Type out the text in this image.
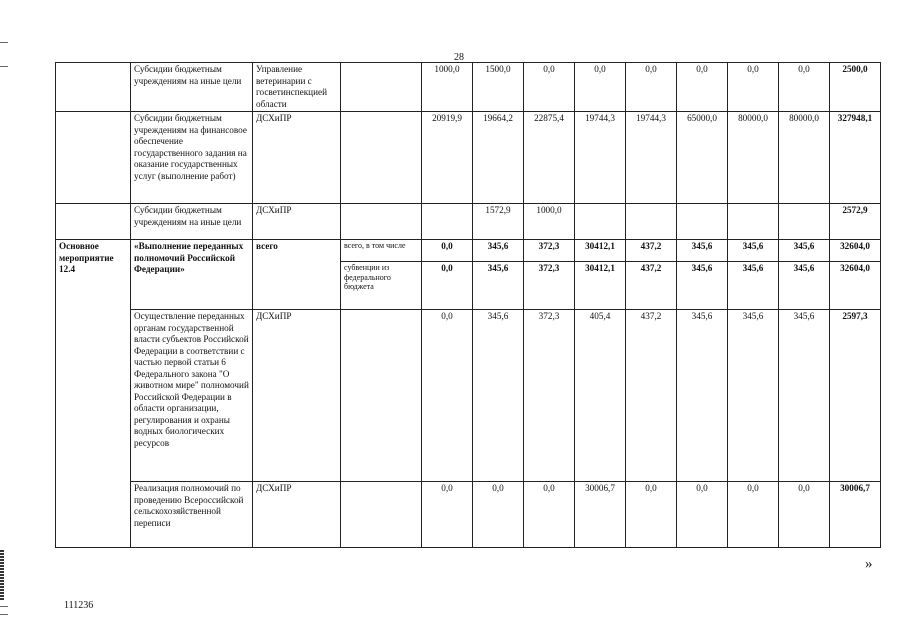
28
	Субсидии бюджетным учреждениям на иные цели	Управление ветеринарии с госветинспекцией области		1000,0	1500,0	0,0	0,0	0,0	0,0	0,0	0,0	2500,0
	Субсидии бюджетным учреждениям на финансовое обеспечение государственного задания на оказание государственных услуг (выполнение работ)	ДСХиПР		20919,9	19664,2	22875,4	19744,3	19744,3	65000,0	80000,0	80000,0	327948,1
	Субсидии бюджетным учреждениям на иные цели	ДСХиПР			1572,9	1000,0						2572,9
Основное мероприятие 12.4	«Выполнение переданных полномочий Российской Федерации»	всего	всего, в том числе	0,0	345,6	372,3	30412,1	437,2	345,6	345,6	345,6	32604,0
			субвенции из федерального бюджета	0,0	345,6	372,3	30412,1	437,2	345,6	345,6	345,6	32604,0
	Осуществление переданных органам государственной власти субъектов Российской Федерации в соответствии с частью первой статьи 6 Федерального закона "О животном мире" полномочий Российской Федерации в области организации, регулирования и охраны водных биологических ресурсов	ДСХиПР		0,0	345,6	372,3	405,4	437,2	345,6	345,6	345,6	2597,3
	Реализация полномочий по проведению Всероссийской сельскохозяйственной переписи	ДСХиПР		0,0	0,0	0,0	30006,7	0,0	0,0	0,0	0,0	30006,7
»
111236
